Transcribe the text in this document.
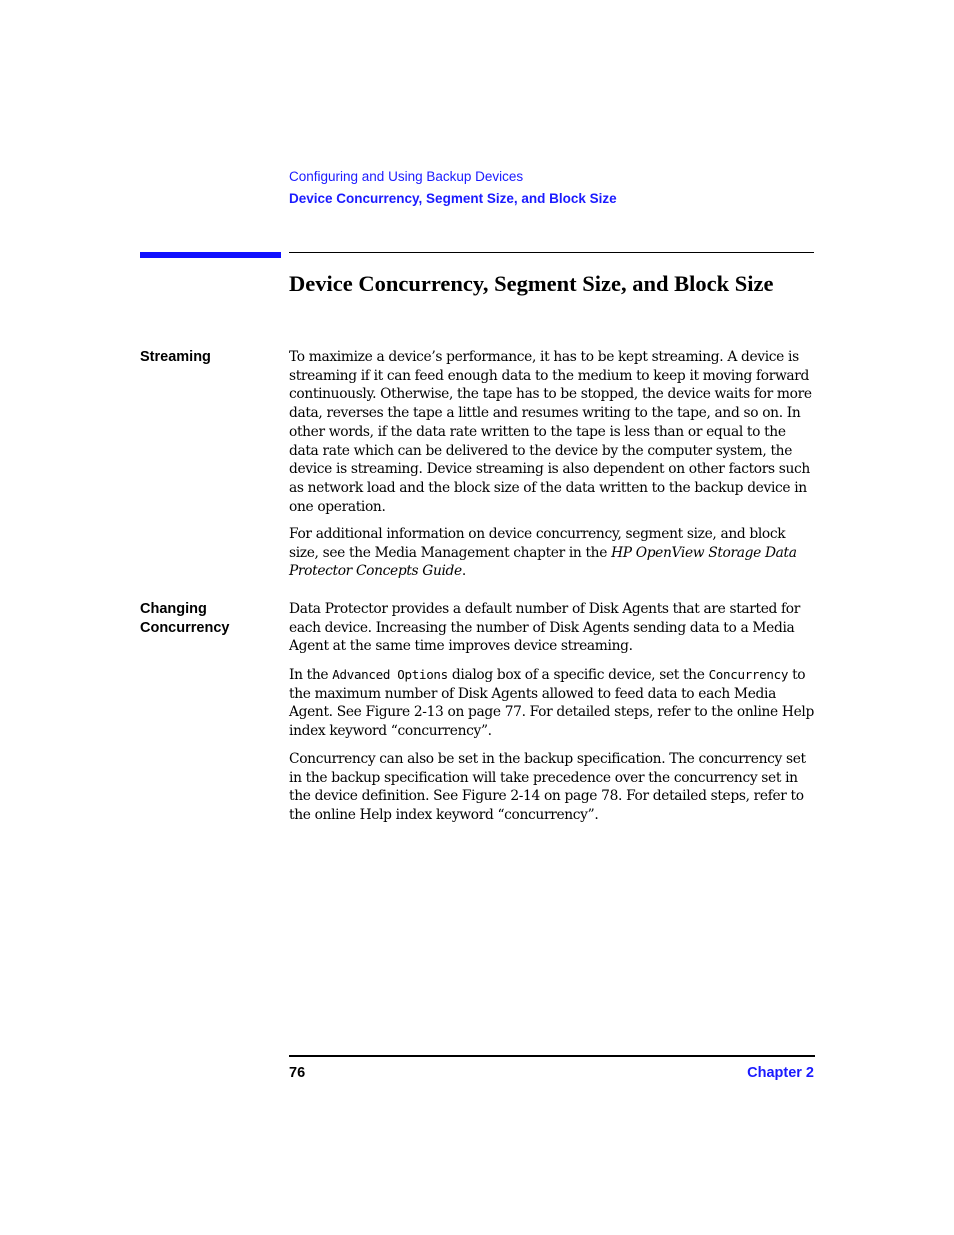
Configuring and Using Backup Devices
Device Concurrency, Segment Size, and Block Size
Device Concurrency, Segment Size, and Block Size
Streaming	To maximize a device’s performance, it has to be kept streaming. A device is streaming if it can feed enough data to the medium to keep it moving forward continuously. Otherwise, the tape has to be stopped, the device waits for more data, reverses the tape a little and resumes writing to the tape, and so on. In other words, if the data rate written to the tape is less than or equal to the data rate which can be delivered to the device by the computer system, the device is streaming. Device streaming is also dependent on other factors such as network load and the block size of the data written to the backup device in one operation.

For additional information on device concurrency, segment size, and block size, see the Media Management chapter in the HP OpenView Storage Data Protector Concepts Guide.

Changing
Concurrency

Data Protector provides a default number of Disk Agents that are started for each device. Increasing the number of Disk Agents sending data to a Media Agent at the same time improves device streaming.

In the Advanced Options dialog box of a specific device, set the Concurrency to the maximum number of Disk Agents allowed to feed data to each Media Agent. See Figure 2-13 on page 77. For detailed steps, refer to the online Help index keyword “concurrency”.

Concurrency can also be set in the backup specification. The concurrency set in the backup specification will take precedence over the concurrency set in the device definition. See Figure 2-14 on page 78. For detailed steps, refer to the online Help index keyword “concurrency”.

76	Chapter 2
